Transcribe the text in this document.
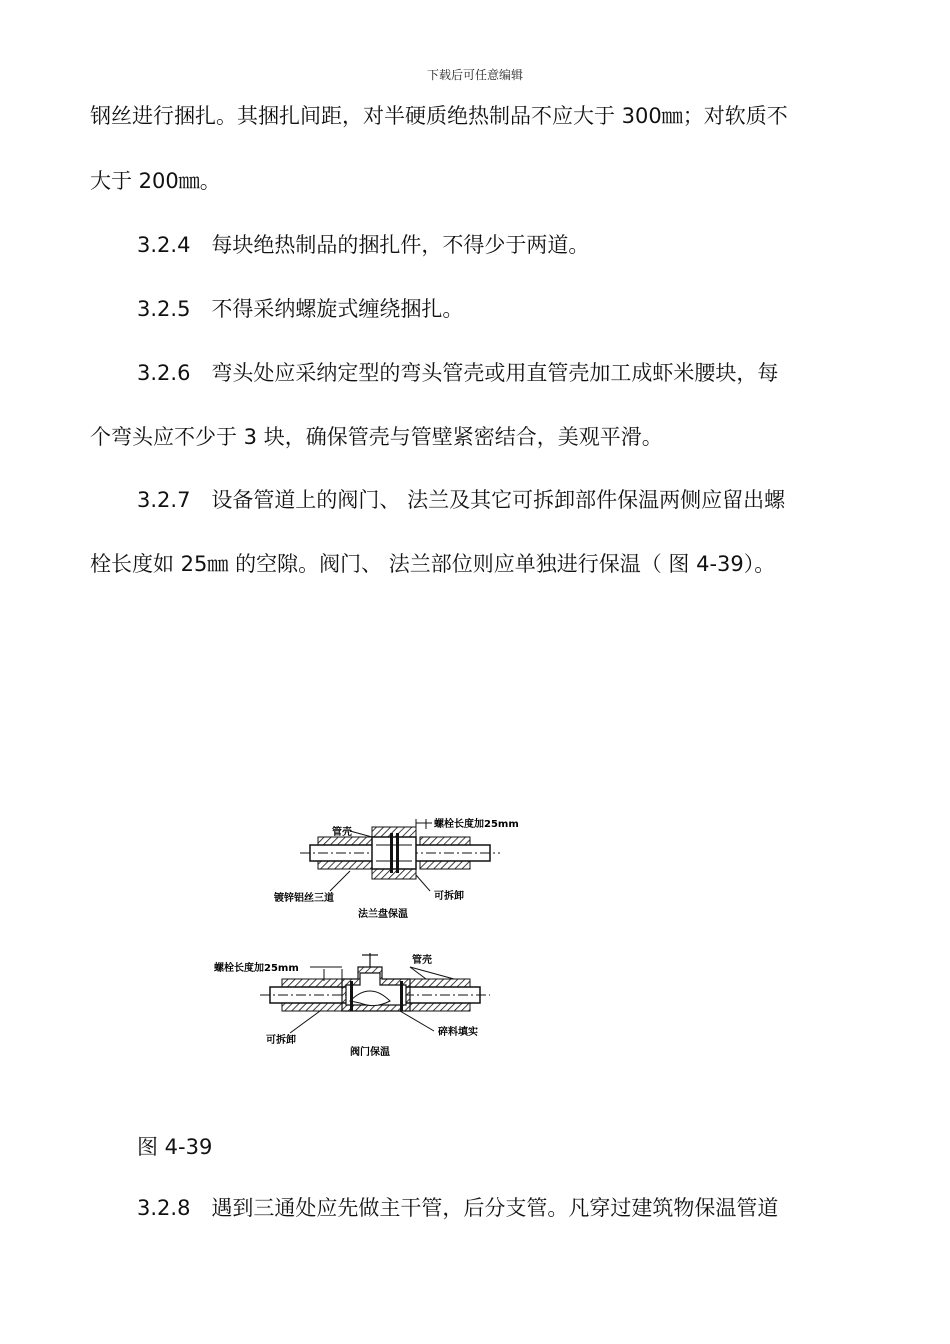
下载后可任意编辑
钢丝进行捆扎。其捆扎间距，对半硬质绝热制品不应大于 300㎜；对软质不
大于 200㎜。
3.2.4　每块绝热制品的捆扎件，不得少于两道。
3.2.5　不得采纳螺旋式缠绕捆扎。
3.2.6　弯头处应采纳定型的弯头管壳或用直管壳加工成虾米腰块，每
个弯头应不少于 3 块，确保管壳与管壁紧密结合，美观平滑。
3.2.7　设备管道上的阀门、 法兰及其它可拆卸部件保温两侧应留出螺
栓长度如 25㎜ 的空隙。阀门、 法兰部位则应单独进行保温（ 图 4-39）。
管壳
螺栓长度加25mm
镀锌铝丝三道	可拆卸
法兰盘保温
螺栓长度加25mm
管壳
可拆卸
碎料填实
阀门保温
图 4-39
3.2.8　遇到三通处应先做主干管，后分支管。凡穿过建筑物保温管道
